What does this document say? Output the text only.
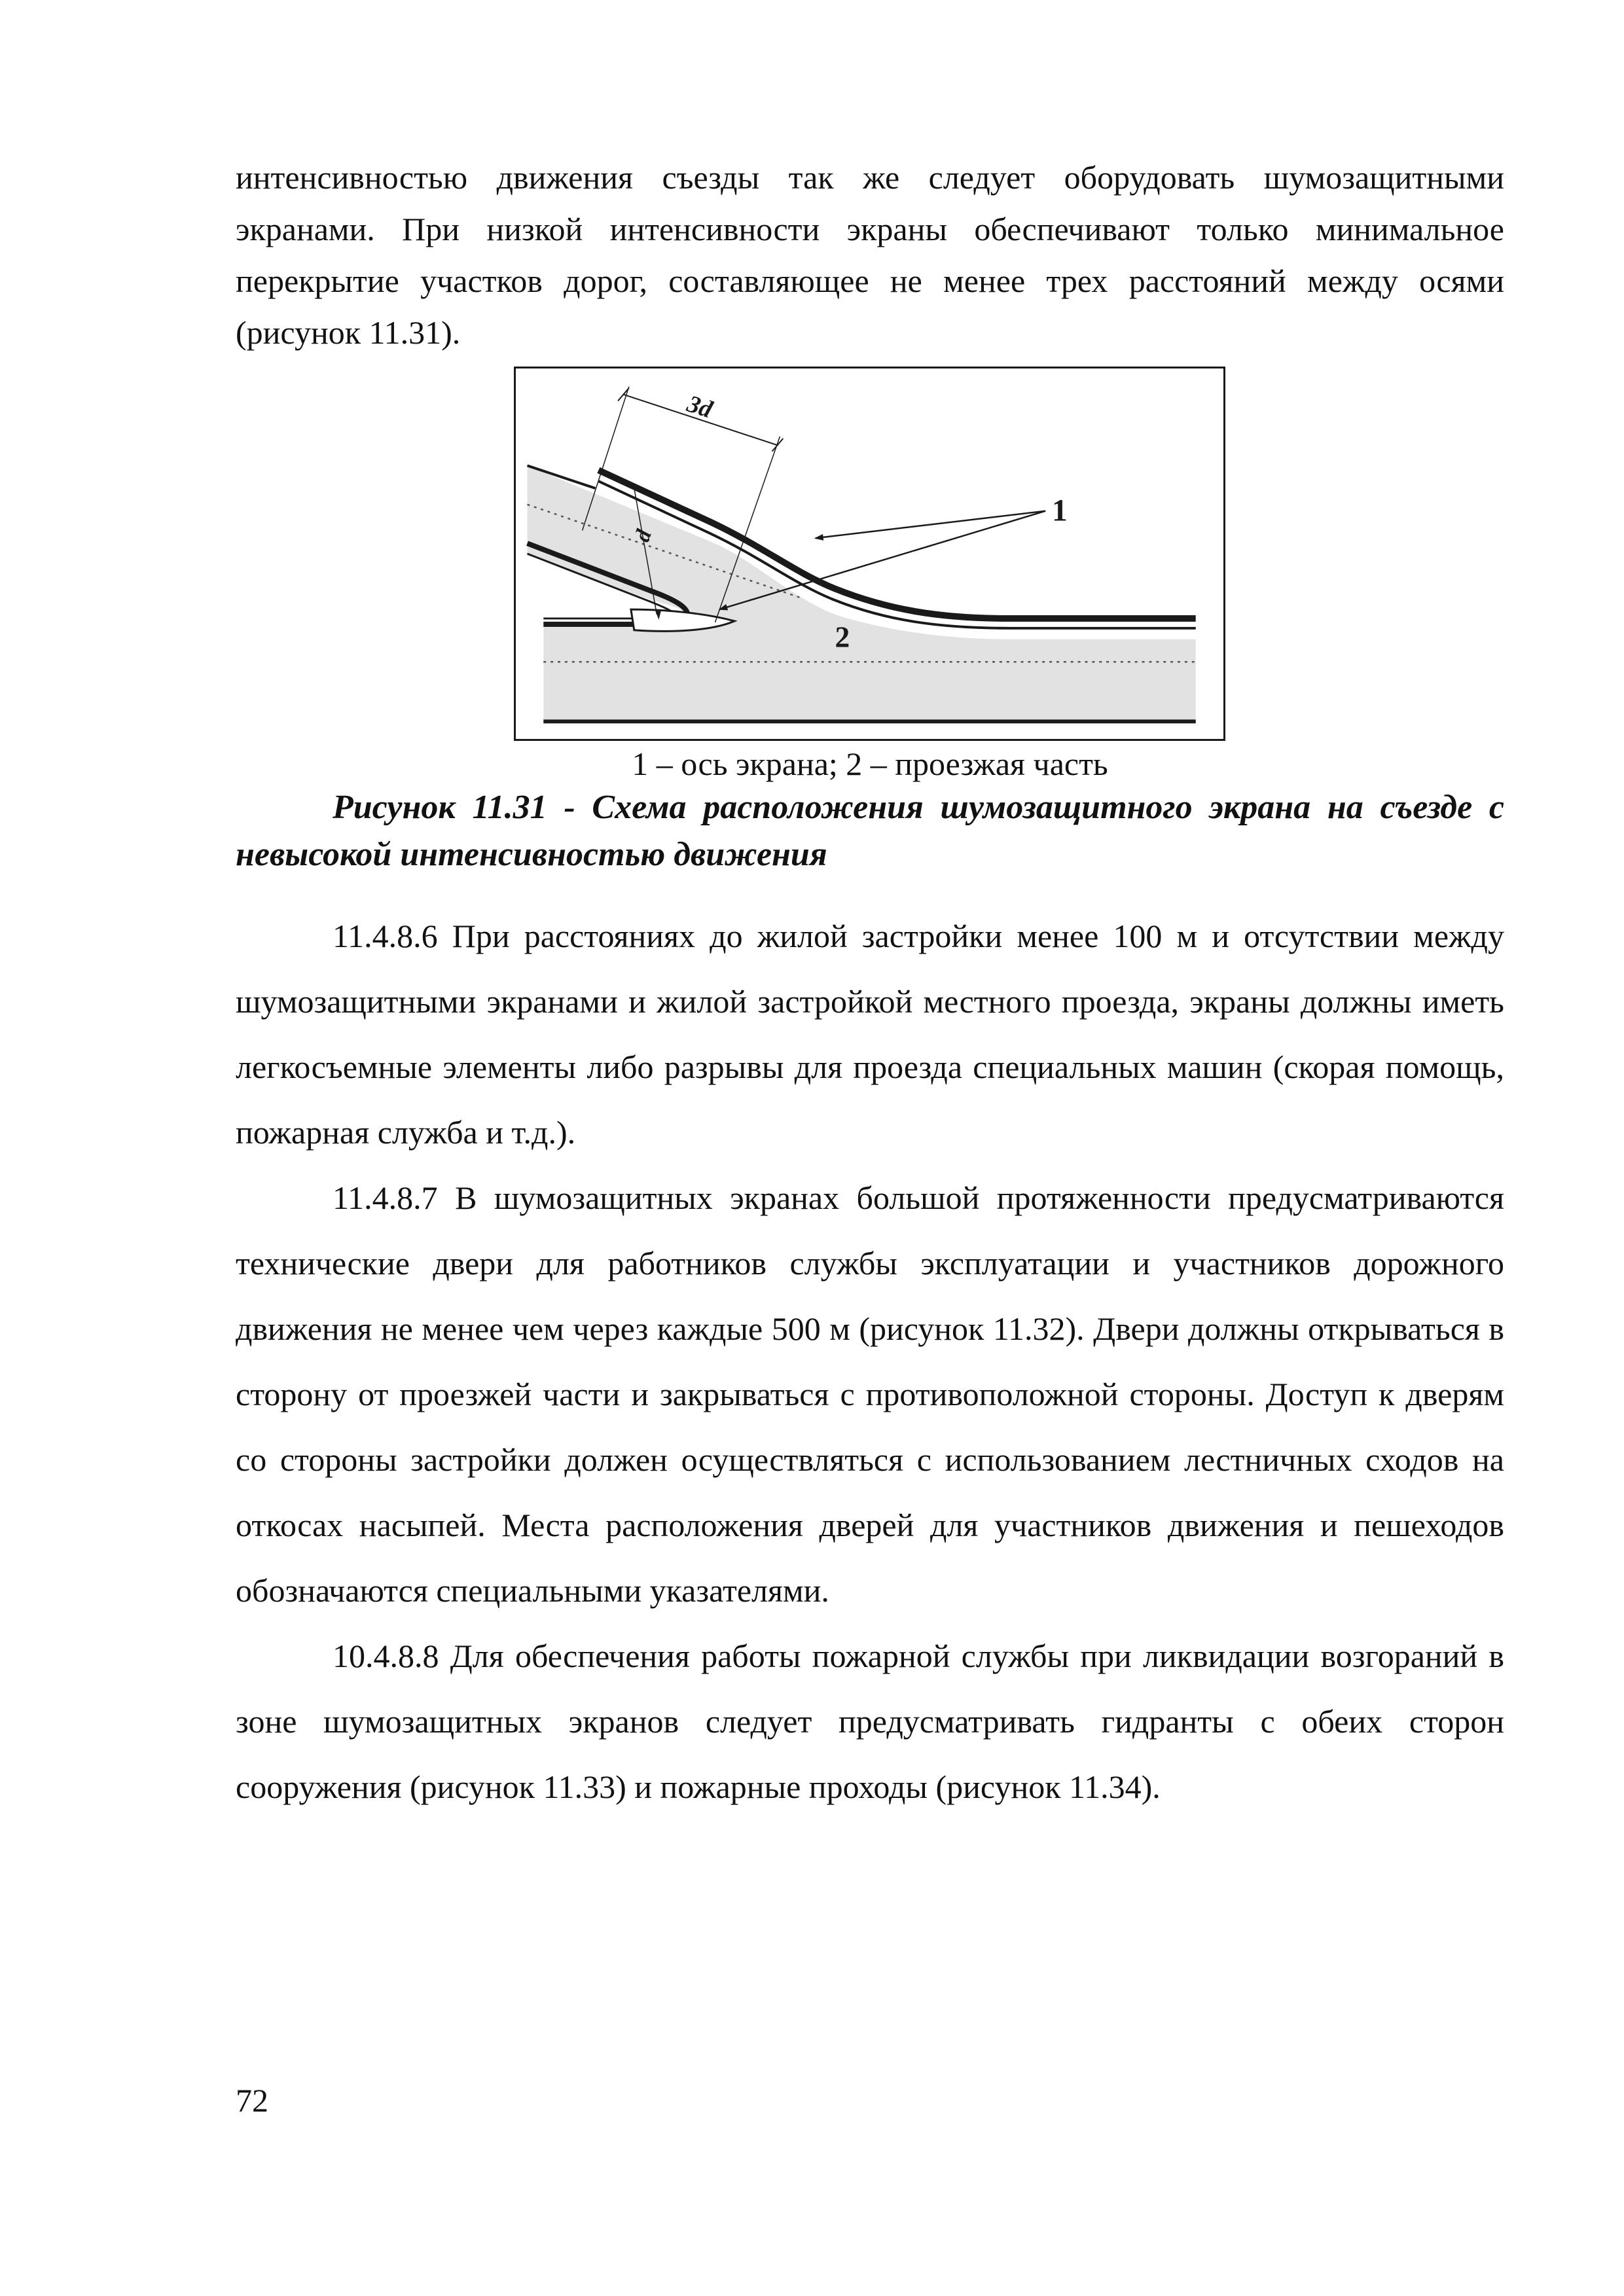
интенсивностью движения съезды так же следует оборудовать шумозащитными экранами. При низкой интенсивности экраны обеспечивают только минимальное перекрытие участков дорог, составляющее не менее трех расстояний между осями (рисунок 11.31).

3d
d
1
2
1 – ось экрана; 2 – проезжая часть

Рисунок 11.31 - Схема расположения шумозащитного экрана на съезде с невысокой интенсивностью движения

11.4.8.6 При расстояниях до жилой застройки менее 100 м и отсутствии между шумозащитными экранами и жилой застройкой местного проезда, экраны должны иметь легкосъемные элементы либо разрывы для проезда специальных машин (скорая помощь, пожарная служба и т.д.).

11.4.8.7 В шумозащитных экранах большой протяженности предусматриваются технические двери для работников службы эксплуатации и участников дорожного движения не менее чем через каждые 500 м (рисунок 11.32). Двери должны открываться в сторону от проезжей части и закрываться с противоположной стороны. Доступ к дверям со стороны застройки должен осуществляться с использованием лестничных сходов на откосах насыпей. Места расположения дверей для участников движения и пешеходов обозначаются специальными указателями.

10.4.8.8 Для обеспечения работы пожарной службы при ликвидации возгораний в зоне шумозащитных экранов следует предусматривать гидранты с обеих сторон сооружения (рисунок 11.33) и пожарные проходы (рисунок 11.34).

72
